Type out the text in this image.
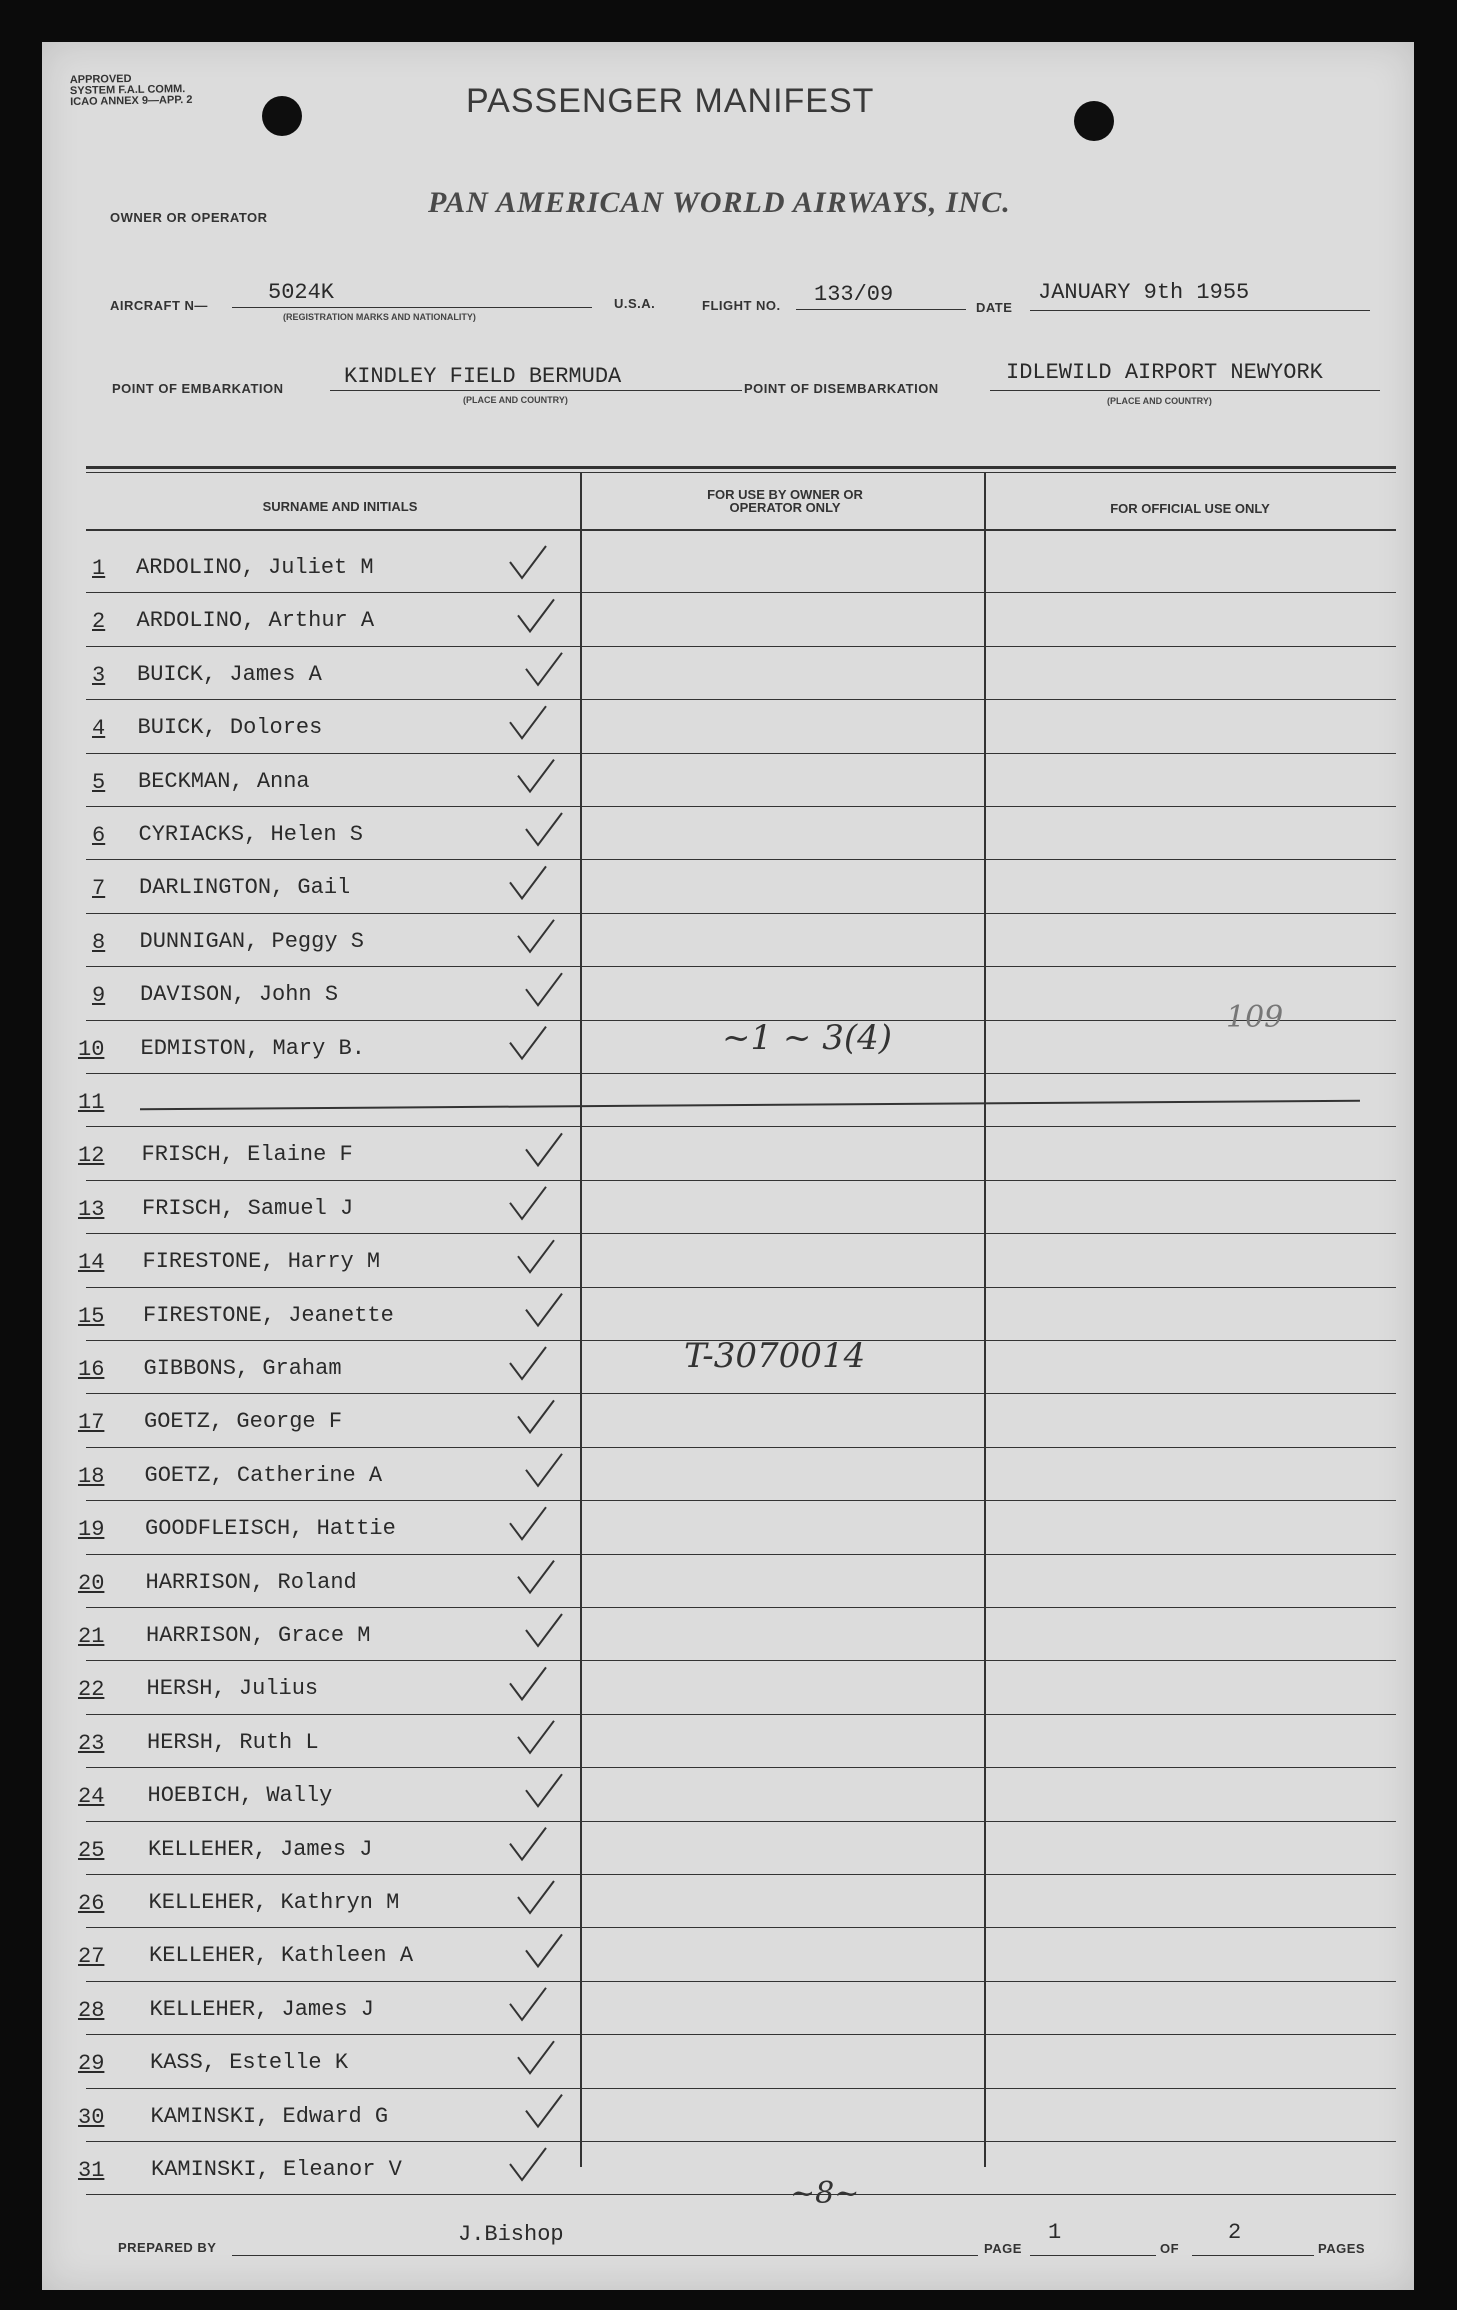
APPROVED
SYSTEM F.A.L COMM.
ICAO ANNEX 9—APP. 2	PASSENGER MANIFEST
OWNER OR OPERATOR	PAN AMERICAN WORLD AIRWAYS, INC.
AIRCRAFT N—
5024K
(REGISTRATION MARKS AND NATIONALITY)
U.S.A.	FLIGHT NO. 133/09
DATE
JANUARY 9th 1955
POINT OF EMBARKATION	KINDLEY FIELD BERMUDA
(PLACE AND COUNTRY)
POINT OF DISEMBARKATION
IDLEWILD AIRPORT NEWYORK
(PLACE AND COUNTRY)
SURNAME AND INITIALS
FOR USE BY OWNER OR OPERATOR ONLY	FOR OFFICIAL USE ONLY
1 ARDOLINO, Juliet M
2 ARDOLINO, Arthur A
3 BUICK, James A
4 BUICK, Dolores
5 BECKMAN, Anna
6 CYRIACKS, Helen S
7 DARLINGTON, Gail
8 DUNNIGAN, Peggy S
9 DAVISON, John S
10 EDMISTON, Mary B.
11
12 FRISCH, Elaine F
13 FRISCH, Samuel J
14 FIRESTONE, Harry M
15 FIRESTONE, Jeanette
16 GIBBONS, Graham
17 GOETZ, George F
18 GOETZ, Catherine A
19 GOODFLEISCH, Hattie
20 HARRISON, Roland
21 HARRISON, Grace M
22 HERSH, Julius
23 HERSH, Ruth L
24 HOEBICH, Wally
25 KELLEHER, James J
26 KELLEHER, Kathryn M
27 KELLEHER, Kathleen A
28 KELLEHER, James J
29 KASS, Estelle K
30 KAMINSKI, Edward G
31 KAMINSKI, Eleanor V
~1 ~ 3(4)
109
T-3070014
~8~
PREPARED BY
J.Bishop
PAGE
1
OF
2
PAGES
